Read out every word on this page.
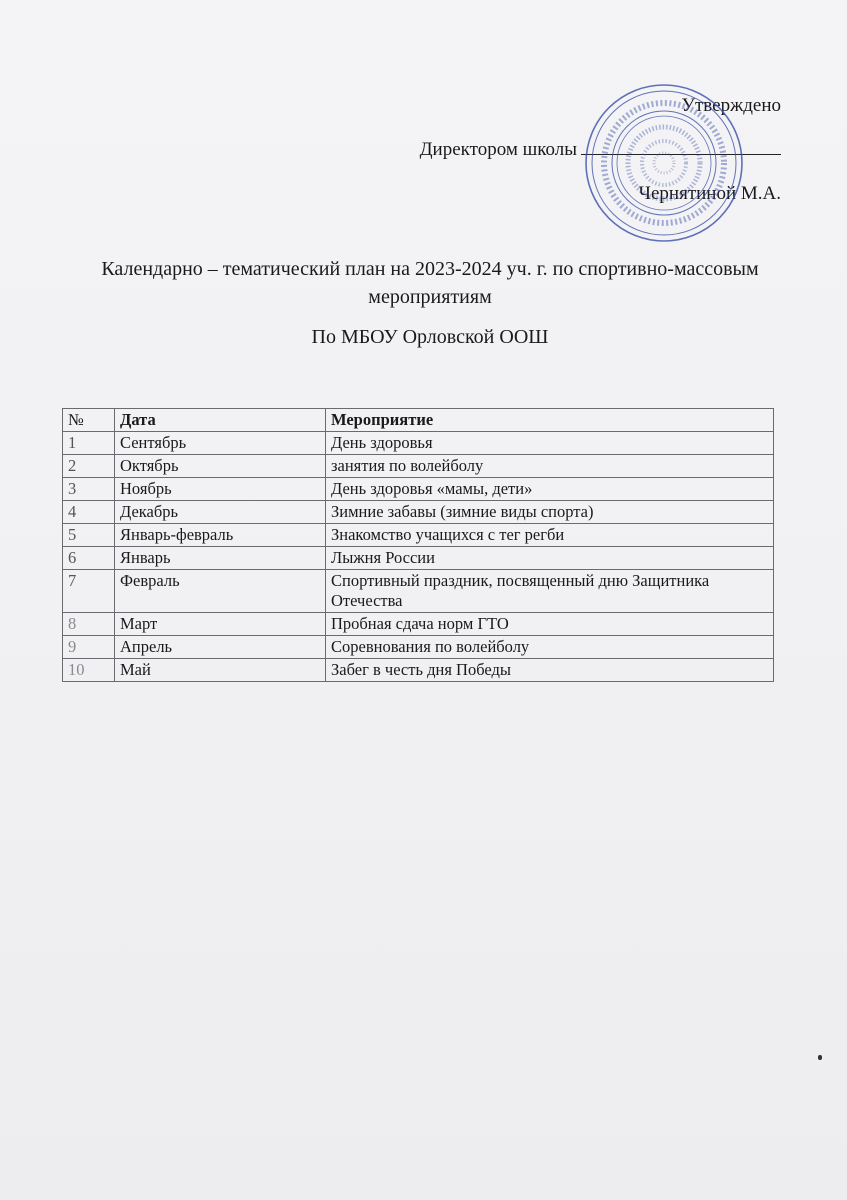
Утверждено
Директором школы
Чернятиной М.А.
Календарно – тематический план на 2023-2024 уч. г. по спортивно-массовым мероприятиям
По МБОУ Орловской ООШ
№	Дата	Мероприятие
1	Сентябрь	День здоровья
2	Октябрь	занятия по волейболу
3	Ноябрь	День здоровья «мамы, дети»
4	Декабрь	Зимние забавы (зимние виды спорта)
5	Январь-февраль	Знакомство учащихся с тег регби
6	Январь	Лыжня России
7	Февраль	Спортивный праздник, посвященный дню Защитника Отечества
8	Март	Пробная сдача норм ГТО
9	Апрель	Соревнования по волейболу
10	Май	Забег в честь дня Победы
